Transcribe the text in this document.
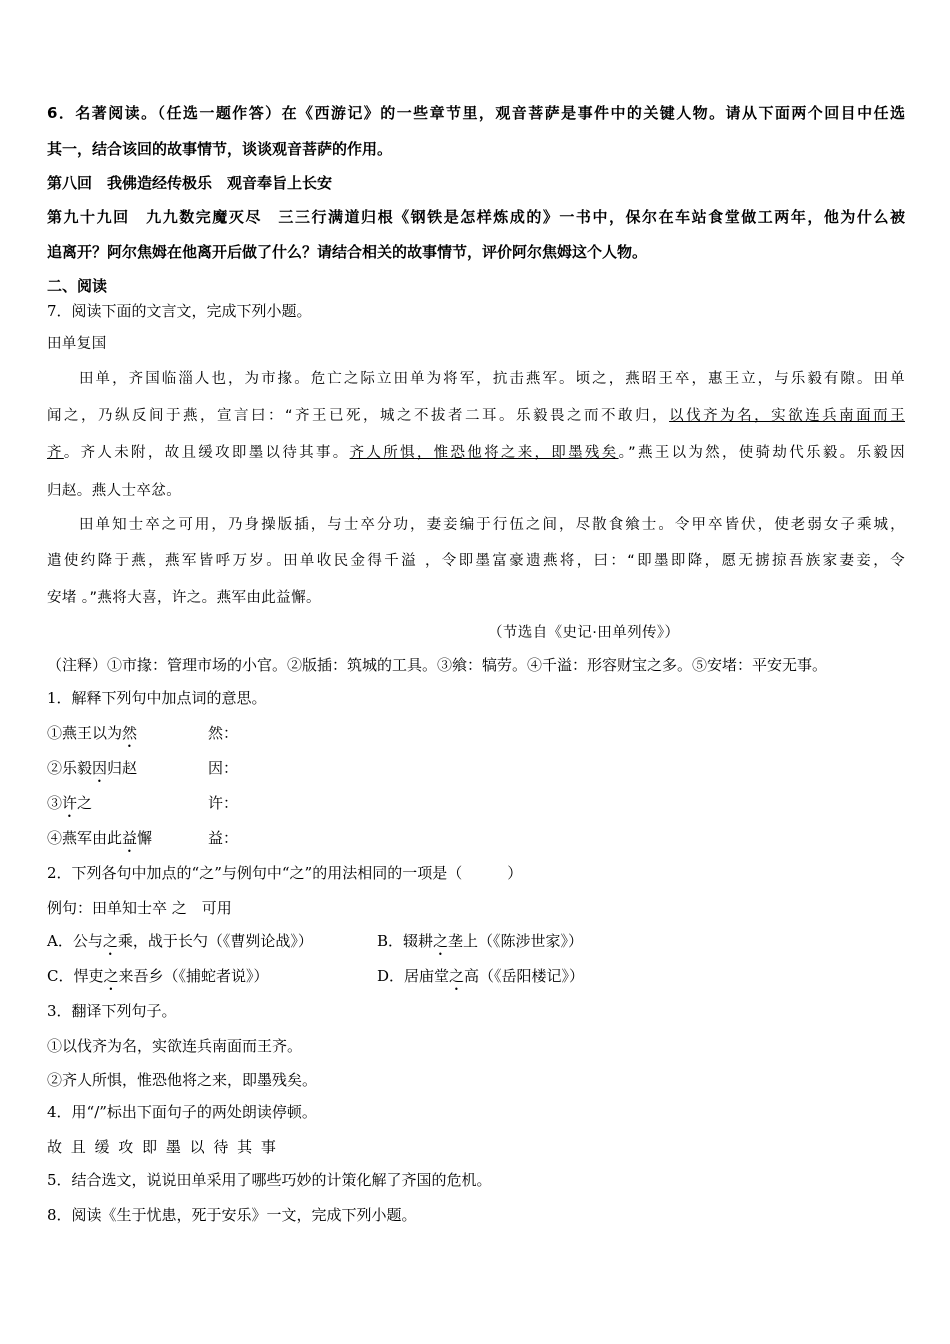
6．名著阅读。（任选一题作答）在《西游记》的一些章节里，观音菩萨是事件中的关键人物。请从下面两个回目中任选
其一，结合该回的故事情节，谈谈观音菩萨的作用。
第八回　我佛造经传极乐　观音奉旨上长安
第九十九回　九九数完魔灭尽　三三行满道归根《钢铁是怎样炼成的》一书中，保尔在车站食堂做工两年，他为什么被
追离开？阿尔焦姆在他离开后做了什么？请结合相关的故事情节，评价阿尔焦姆这个人物。
二、阅读
7．阅读下面的文言文，完成下列小题。
田单复国
田单，齐国临淄人也，为市掾。危亡之际立田单为将军，抗击燕军。顷之，燕昭王卒，惠王立，与乐毅有隙。田单
闻之，乃纵反间于燕，宣言曰：“齐王已死，城之不拔者二耳。乐毅畏之而不敢归，以伐齐为名，实欲连兵南面而王
齐。齐人未附，故且缓攻即墨以待其事。齐人所惧，惟恐他将之来，即墨残矣。”燕王以为然，使骑劫代乐毅。乐毅因
归赵。燕人士卒忿。
田单知士卒之可用，乃身操版插，与士卒分功，妻妾编于行伍之间，尽散食飨士。令甲卒皆伏，使老弱女子乘城，
遣使约降于燕，燕军皆呼万岁。田单收民金得千溢 ，令即墨富豪遗燕将，曰：“即墨即降，愿无掳掠吾族家妻妾，令
安堵 。”燕将大喜，许之。燕军由此益懈。
（节选自《史记·田单列传》）
（注释）①市掾：管理市场的小官。②版插：筑城的工具。③飨：犒劳。④千溢：形容财宝之多。⑤安堵：平安无事。
1．解释下列句中加点词的意思。
①燕王以为然	然：
②乐毅因归赵	因：
③许之	许：
④燕军由此益懈	益：
2．下列各句中加点的“之”与例句中“之”的用法相同的一项是（　　　）
例句：田单知士卒 之　可用
A．公与之乘，战于长勺（《曹刿论战》）	B．辍耕之垄上（《陈涉世家》）
C．悍吏之来吾乡（《捕蛇者说》）	D．居庙堂之高（《岳阳楼记》）
3．翻译下列句子。
①以伐齐为名，实欲连兵南面而王齐。
②齐人所惧，惟恐他将之来，即墨残矣。
4．用“/”标出下面句子的两处朗读停顿。
故 且 缓 攻 即 墨 以 待 其 事
5．结合选文，说说田单采用了哪些巧妙的计策化解了齐国的危机。
8．阅读《生于忧患，死于安乐》一文，完成下列小题。
